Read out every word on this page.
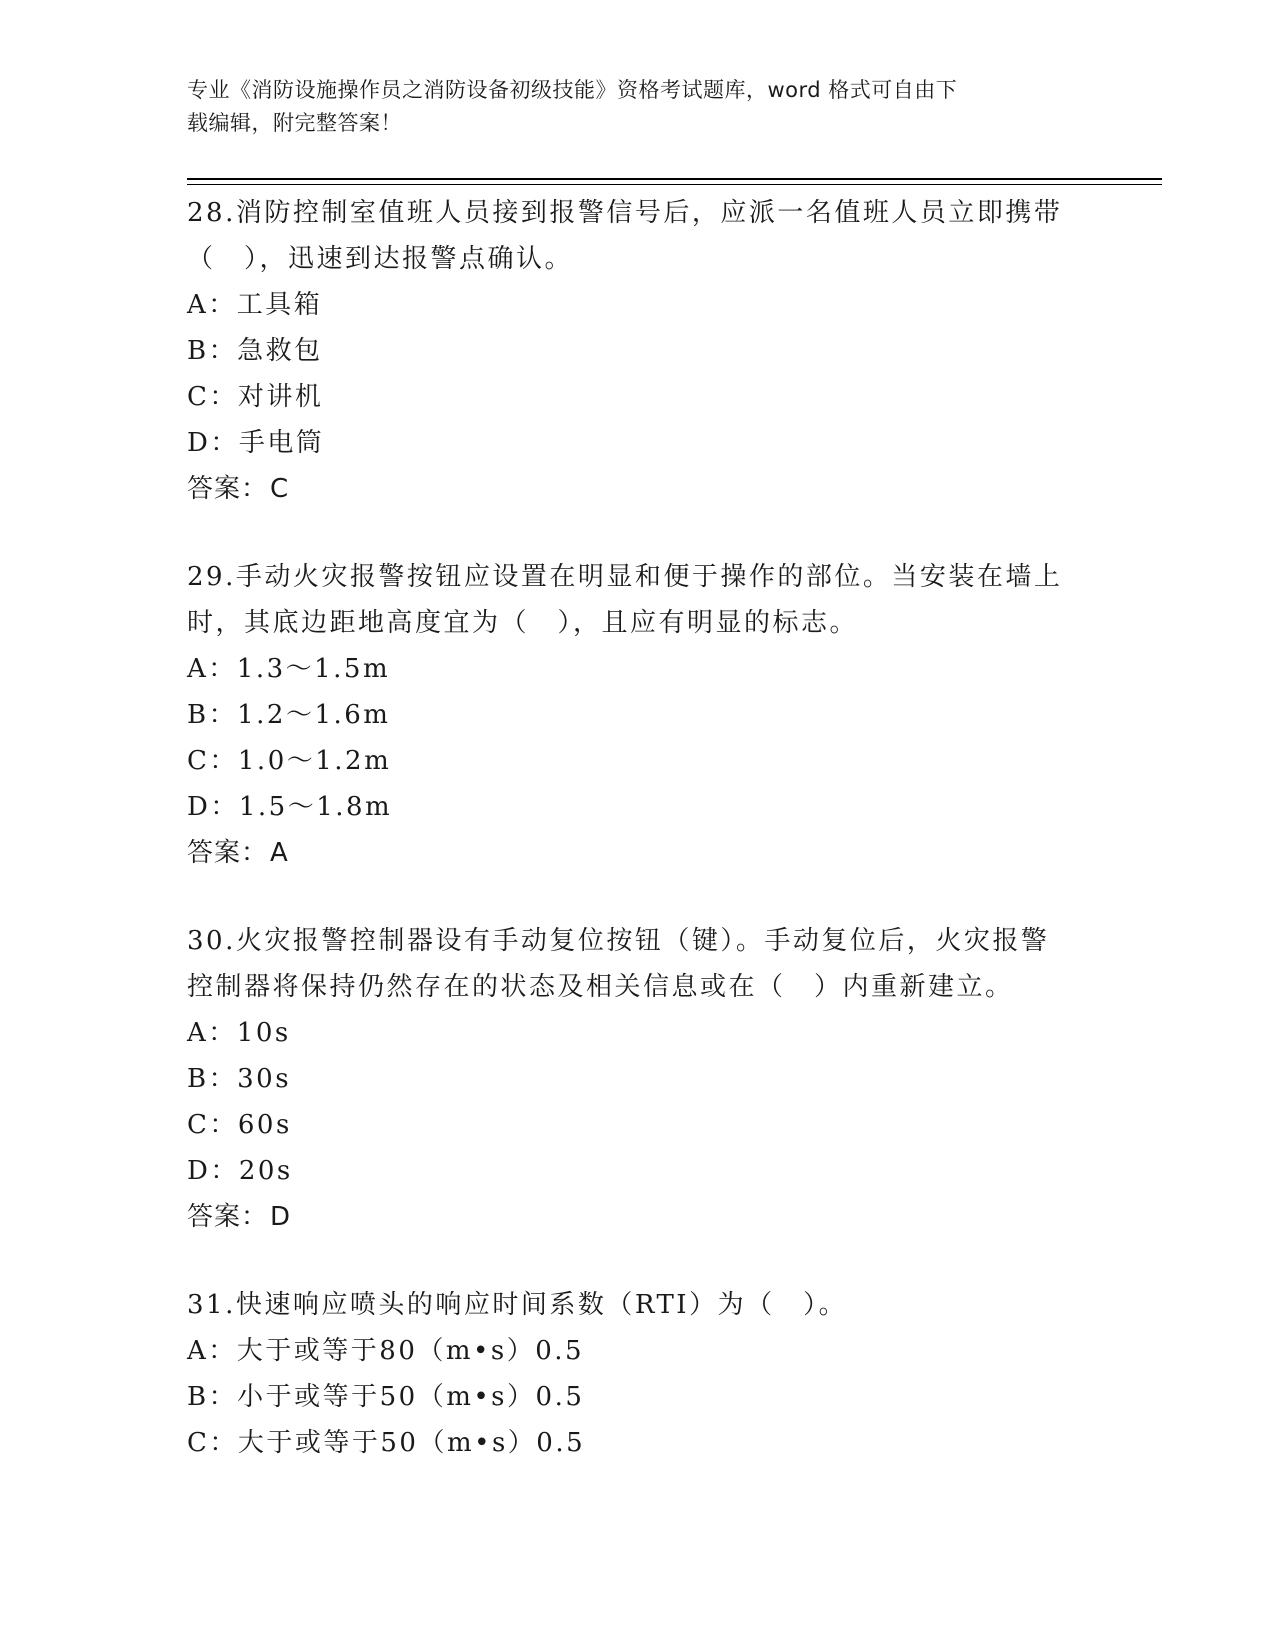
专业《消防设施操作员之消防设备初级技能》资格考试题库，word 格式可自由下
载编辑，附完整答案！

28.消防控制室值班人员接到报警信号后，应派一名值班人员立即携带

（　），迅速到达报警点确认。

A：工具箱

B：急救包

C：对讲机

D：手电筒

答案：C

29.手动火灾报警按钮应设置在明显和便于操作的部位。当安装在墙上

时，其底边距地高度宜为（　），且应有明显的标志。

A：1.3～1.5m

B：1.2～1.6m

C：1.0～1.2m

D：1.5～1.8m

答案：A

30.火灾报警控制器设有手动复位按钮（键）。手动复位后，火灾报警

控制器将保持仍然存在的状态及相关信息或在（　）内重新建立。

A：10s

B：30s

C：60s

D：20s

答案：D

31.快速响应喷头的响应时间系数（RTI）为（　）。

A：大于或等于80（m•s）0.5

B：小于或等于50（m•s）0.5

C：大于或等于50（m•s）0.5
